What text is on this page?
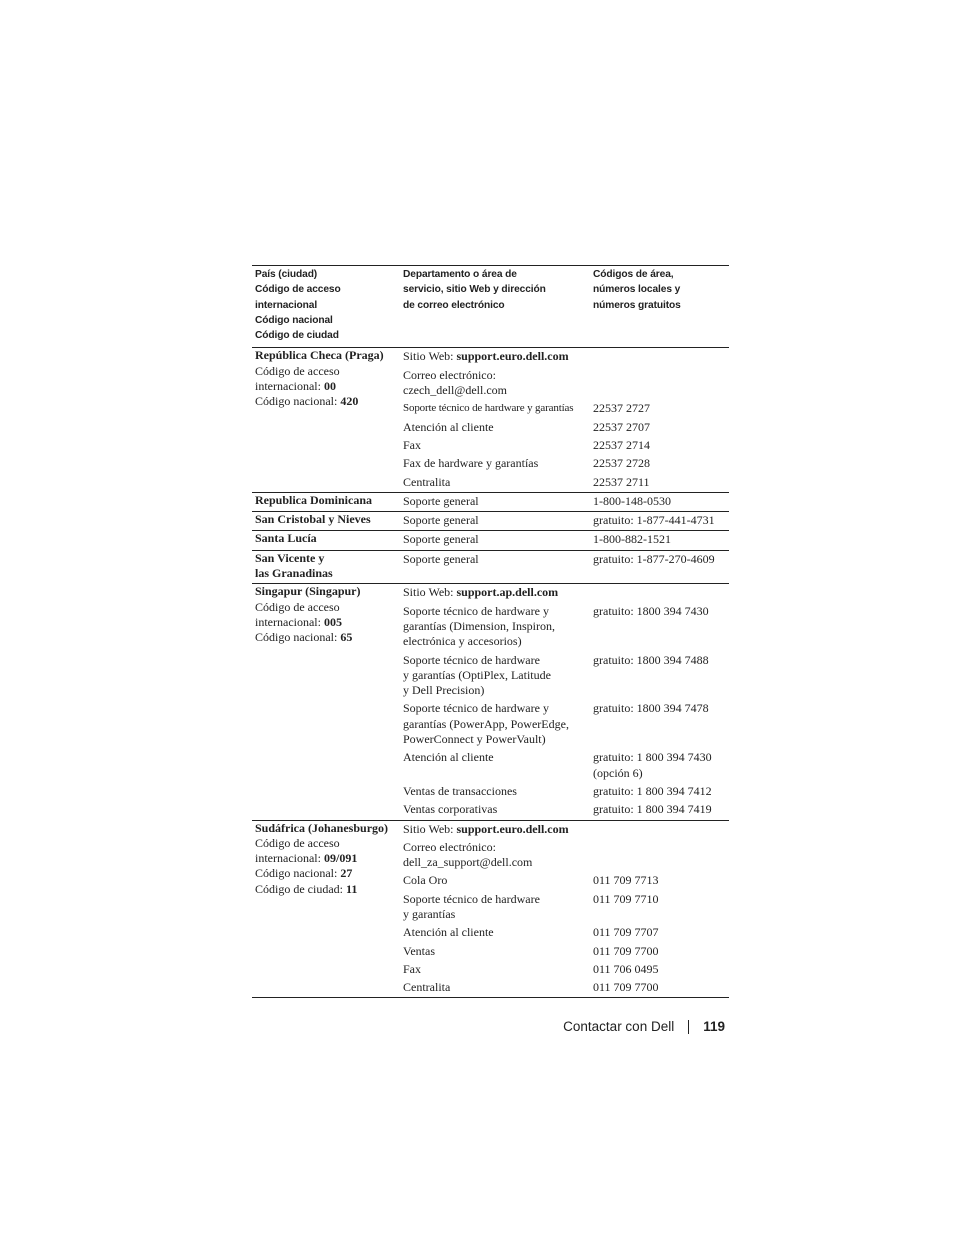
País (ciudad)
Código de acceso internacional
Código nacional
Código de ciudad	Departamento o área de
servicio, sitio Web y dirección
de correo electrónico	Códigos de área,
números locales y
números gratuitos

República Checa (Praga)
Código de acceso
internacional: 00
Código nacional: 420	Sitio Web: support.euro.dell.com	

	Correo electrónico:
czech_dell@dell.com	

	Soporte técnico de hardware y garantías	22537 2727
	Atención al cliente	22537 2707
	Fax	22537 2714
	Fax de hardware y garantías	22537 2728
	Centralita	22537 2711

Republica Dominicana	Soporte general	1-800-148-0530

San Cristobal y Nieves	Soporte general	gratuito: 1-877-441-4731

Santa Lucía	Soporte general	1-800-882-1521

San Vicente y
las Granadinas	Soporte general	gratuito: 1-877-270-4609

Singapur (Singapur)
Código de acceso
internacional: 005
Código nacional: 65	Sitio Web: support.ap.dell.com	

	Soporte técnico de hardware y
garantías (Dimension, Inspiron,
electrónica y accesorios)	gratuito: 1800 394 7430

	Soporte técnico de hardware
y garantías (OptiPlex, Latitude
y Dell Precision)	gratuito: 1800 394 7488

	Soporte técnico de hardware y
garantías (PowerApp, PowerEdge,
PowerConnect y PowerVault)	gratuito: 1800 394 7478
	Atención al cliente	gratuito: 1 800 394 7430
(opción 6)

	Ventas de transacciones	gratuito: 1 800 394 7412
	Ventas corporativas	gratuito: 1 800 394 7419

Sudáfrica (Johanesburgo)
Código de acceso
internacional: 09/091
Código nacional: 27
Código de ciudad: 11	Sitio Web: support.euro.dell.com	

	Correo electrónico:
dell_za_support@dell.com	

	Cola Oro	011 709 7713

	Soporte técnico de hardware
y garantías	011 709 7710
	Atención al cliente	011 709 7707
	Ventas	011 709 7700
	Fax	011 706 0495
	Centralita	011 709 7700
Contactar con Dell 119
